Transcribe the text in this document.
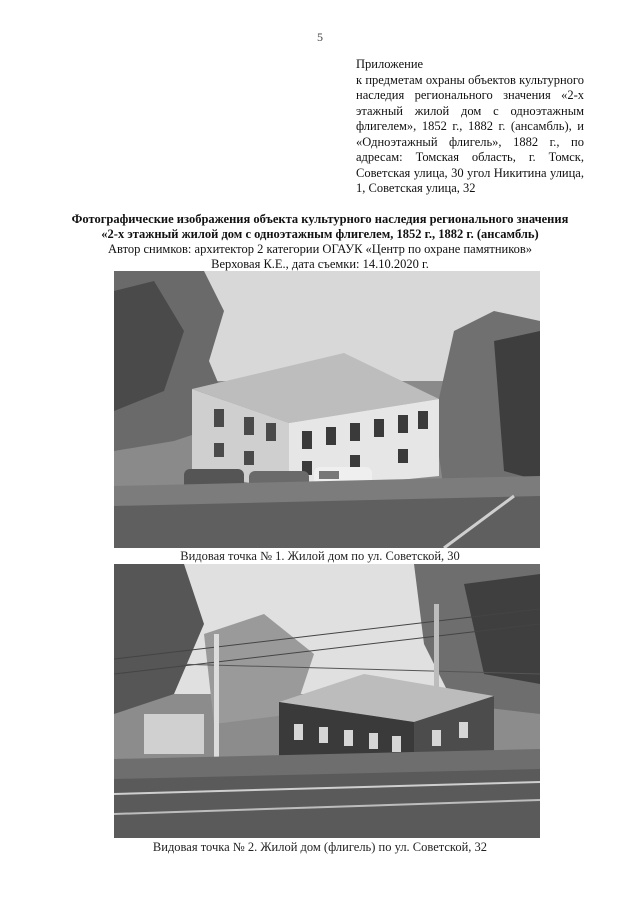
5
Приложение
к предметам охраны объектов культурного наследия регионального значения «2-х этажный жилой дом с одноэтажным флигелем», 1852 г., 1882 г. (ансамбль), и «Одноэтажный флигель», 1882 г., по адресам: Томская область, г. Томск, Советская улица, 30 угол Никитина улица, 1, Советская улица, 32
Фотографические изображения объекта культурного наследия регионального значения
«2-х этажный жилой дом с одноэтажным флигелем, 1852 г., 1882 г. (ансамбль)
Автор снимков: архитектор 2 категории ОГАУК «Центр по охране памятников»
Верховая К.Е., дата съемки: 14.10.2020 г.
Видовая точка № 1. Жилой дом по ул. Советской, 30
Видовая точка № 2. Жилой дом (флигель) по ул. Советской, 32
